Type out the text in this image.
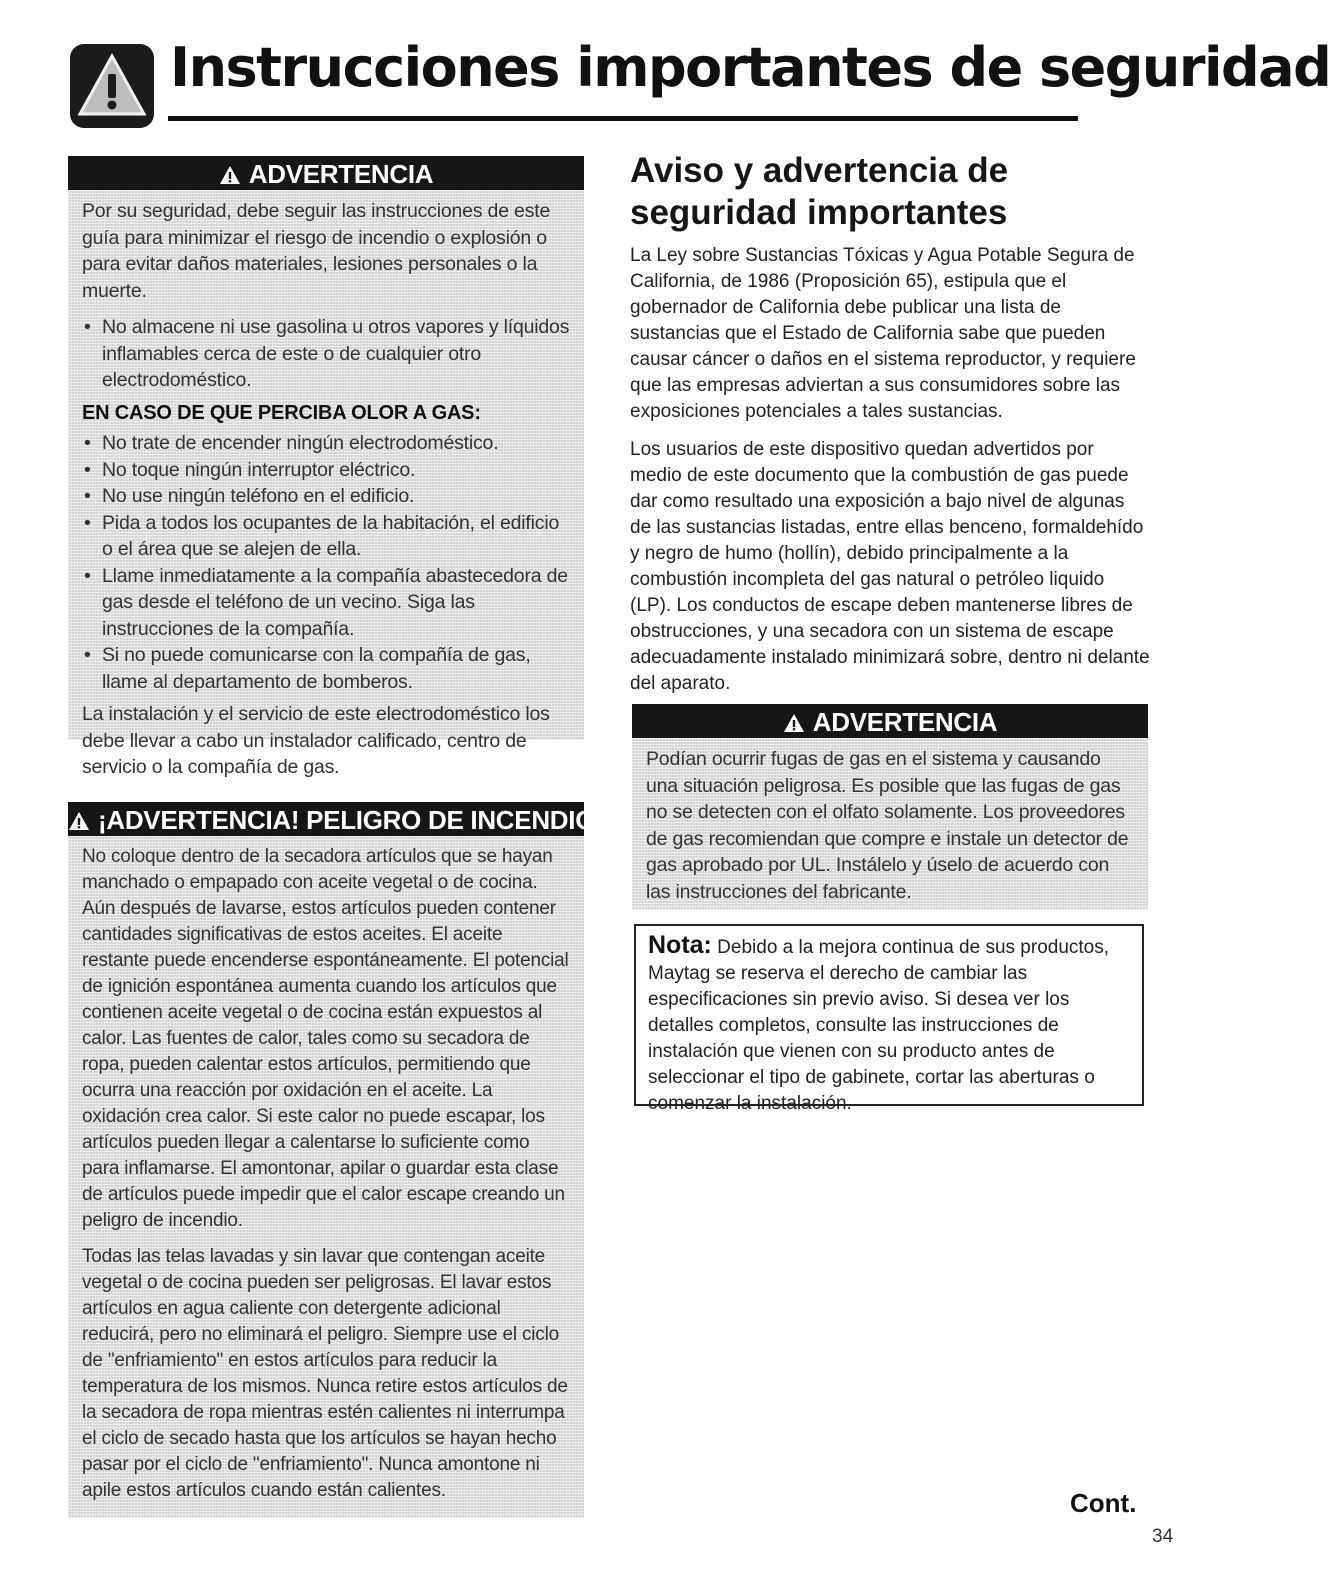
Instrucciones importantes de seguridad
ADVERTENCIA

Por su seguridad, debe seguir las instrucciones de este guía para minimizar el riesgo de incendio o explosión o para evitar daños materiales, lesiones personales o la muerte.

• No almacene ni use gasolina u otros vapores y líquidos inflamables cerca de este o de cualquier otro electrodoméstico.
EN CASO DE QUE PERCIBA OLOR A GAS:
• No trate de encender ningún electrodoméstico.
• No toque ningún interruptor eléctrico.
• No use ningún teléfono en el edificio.
• Pida a todos los ocupantes de la habitación, el edificio o el área que se alejen de ella.
• Llame inmediatamente a la compañía abastecedora de gas desde el teléfono de un vecino. Siga las instrucciones de la compañía.
• Si no puede comunicarse con la compañía de gas, llame al departamento de bomberos.

La instalación y el servicio de este electrodoméstico los debe llevar a cabo un instalador calificado, centro de servicio o la compañía de gas.

¡ADVERTENCIA! PELIGRO DE INCENDIO

No coloque dentro de la secadora artículos que se hayan manchado o empapado con aceite vegetal o de cocina. Aún después de lavarse, estos artículos pueden contener cantidades significativas de estos aceites. El aceite restante puede encenderse espontáneamente. El potencial de ignición espontánea aumenta cuando los artículos que contienen aceite vegetal o de cocina están expuestos al calor. Las fuentes de calor, tales como su secadora de ropa, pueden calentar estos artículos, permitiendo que ocurra una reacción por oxidación en el aceite. La oxidación crea calor. Si este calor no puede escapar, los artículos pueden llegar a calentarse lo suficiente como para inflamarse. El amontonar, apilar o guardar esta clase de artículos puede impedir que el calor escape creando un peligro de incendio.

Todas las telas lavadas y sin lavar que contengan aceite vegetal o de cocina pueden ser peligrosas. El lavar estos artículos en agua caliente con detergente adicional reducirá, pero no eliminará el peligro. Siempre use el ciclo de "enfriamiento" en estos artículos para reducir la temperatura de los mismos. Nunca retire estos artículos de la secadora de ropa mientras estén calientes ni interrumpa el ciclo de secado hasta que los artículos se hayan hecho pasar por el ciclo de "enfriamiento". Nunca amontone ni apile estos artículos cuando están calientes.

Aviso y advertencia de seguridad importantes

La Ley sobre Sustancias Tóxicas y Agua Potable Segura de California, de 1986 (Proposición 65), estipula que el gobernador de California debe publicar una lista de sustancias que el Estado de California sabe que pueden causar cáncer o daños en el sistema reproductor, y requiere que las empresas adviertan a sus consumidores sobre las exposiciones potenciales a tales sustancias.

Los usuarios de este dispositivo quedan advertidos por medio de este documento que la combustión de gas puede dar como resultado una exposición a bajo nivel de algunas de las sustancias listadas, entre ellas benceno, formaldehído y negro de humo (hollín), debido principalmente a la combustión incompleta del gas natural o petróleo liquido (LP). Los conductos de escape deben mantenerse libres de obstrucciones, y una secadora con un sistema de escape adecuadamente instalado minimizará sobre, dentro ni delante del aparato.

ADVERTENCIA

Podían ocurrir fugas de gas en el sistema y causando una situación peligrosa. Es posible que las fugas de gas no se detecten con el olfato solamente. Los proveedores de gas recomiendan que compre e instale un detector de gas aprobado por UL. Instálelo y úselo de acuerdo con las instrucciones del fabricante.

Nota: Debido a la mejora continua de sus productos, Maytag se reserva el derecho de cambiar las especificaciones sin previo aviso. Si desea ver los detalles completos, consulte las instrucciones de instalación que vienen con su producto antes de seleccionar el tipo de gabinete, cortar las aberturas o comenzar la instalación.
Cont.
34
